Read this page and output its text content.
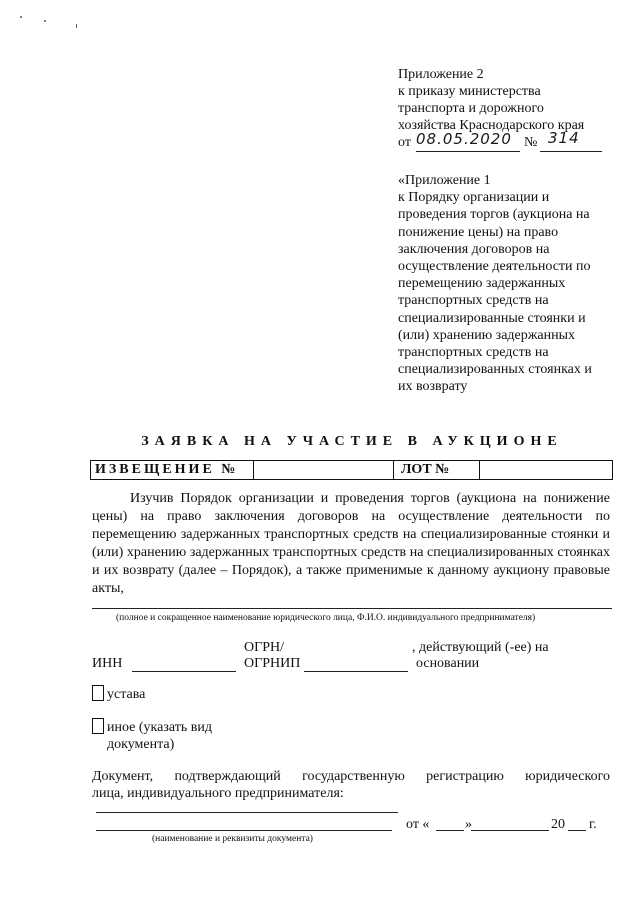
Приложение 2
к приказу министерства
транспорта и дорожного
хозяйства Краснодарского края
от 08.05.2020 № 314
«Приложение 1
к Порядку организации и
проведения торгов (аукциона на
понижение цены) на право
заключения договоров на
осуществление деятельности по
перемещению задержанных
транспортных средств на
специализированные стоянки и
(или) хранению задержанных
транспортных средств на
специализированных стоянках и
их возврату
ЗАЯВКА НА УЧАСТИЕ В АУКЦИОНЕ
ИЗВЕЩЕНИЕ №	ЛОТ №
Изучив Порядок организации и проведения торгов (аукциона на понижение цены) на право заключения договоров на осуществление деятельности по перемещению задержанных транспортных средств на специализированные стоянки и (или) хранению задержанных транспортных средств на специализированных стоянках и их возврату (далее – Порядок), а также применимые к данному аукциону правовые акты,
(полное и сокращенное наименование юридического лица, Ф.И.О. индивидуального предпринимателя)
ОГРН/
ИНН	ОГРНИП
, действующий (-ее) на
основании
устава
иное (указать вид
документа)
Документ, подтверждающий государственную регистрацию юридического
лица, индивидуального предпринимателя:
от «	»	20 г.
(наименование и реквизиты документа)
